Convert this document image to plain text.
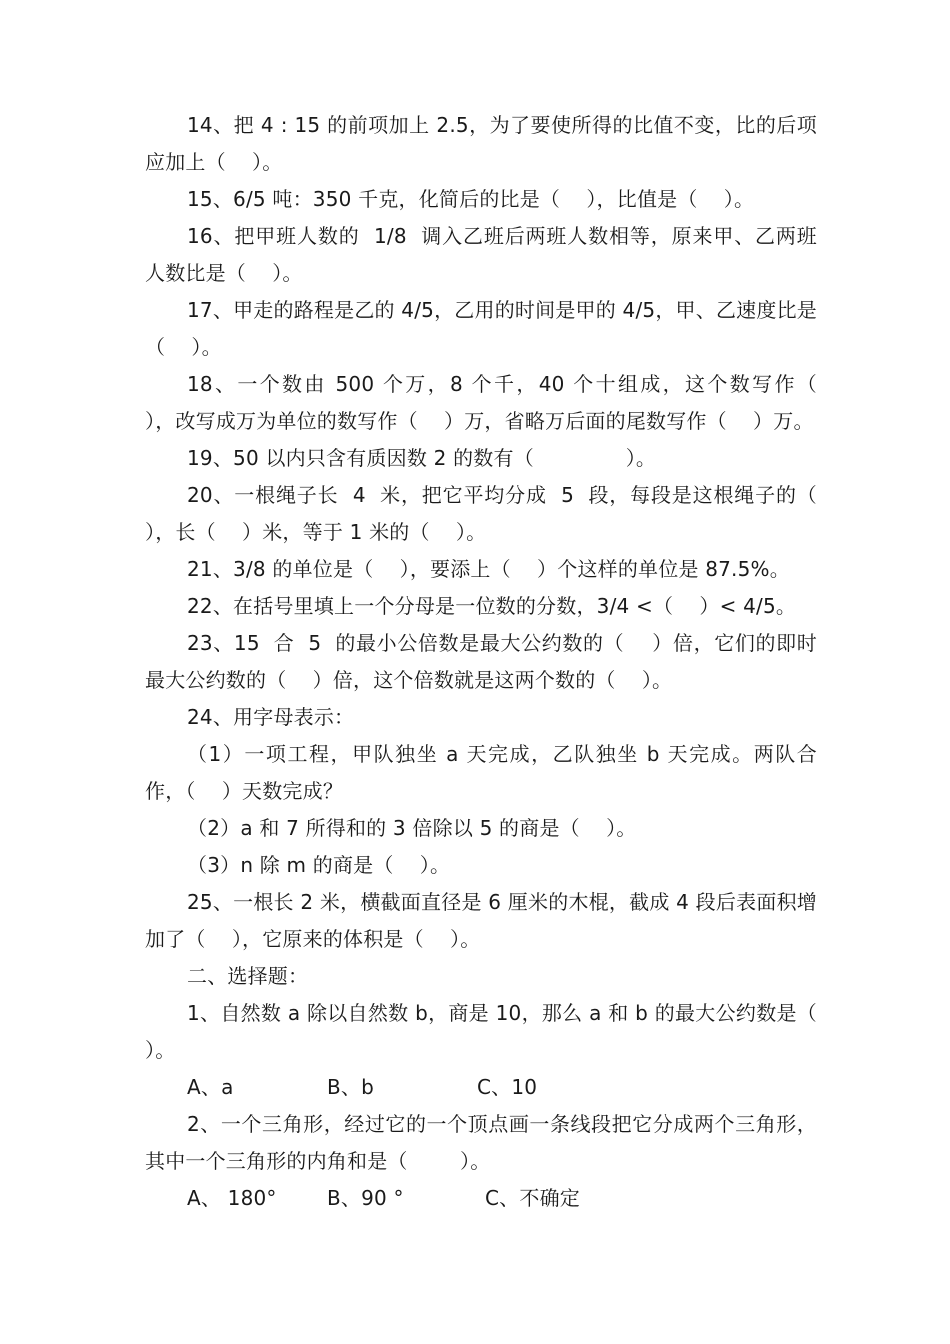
14、把 4 : 15 的前项加上 2.5，为了要使所得的比值不变，比的后项应加上（    ）。

15、6/5 吨：350 千克，化简后的比是（    ），比值是（    ）。

16、把甲班人数的  1/8  调入乙班后两班人数相等，原来甲、乙两班人数比是（    ）。

17、甲走的路程是乙的 4/5，乙用的时间是甲的 4/5，甲、乙速度比是（    ）。

18、一个数由 500 个万，8 个千，40 个十组成，这个数写作（    ），改写成万为单位的数写作（    ）万，省略万后面的尾数写作（    ）万。

19、50 以内只含有质因数 2 的数有（              ）。

20、一根绳子长  4  米，把它平均分成  5  段，每段是这根绳子的（    ），长（    ）米，等于 1 米的（    ）。

21、3/8 的单位是（    ），要添上（    ）个这样的单位是 87.5%。

22、在括号里填上一个分母是一位数的分数，3/4 <（    ）< 4/5。

23、15  合  5  的最小公倍数是最大公约数的（    ）倍，它们的即时最大公约数的（    ）倍，这个倍数就是这两个数的（    ）。

24、用字母表示：

（1）一项工程，甲队独坐 a 天完成，乙队独坐 b 天完成。两队合作，（    ）天数完成？

（2）a 和 7 所得和的 3 倍除以 5 的商是（    ）。

（3）n 除 m 的商是（    ）。

25、一根长 2 米，横截面直径是 6 厘米的木棍，截成 4 段后表面积增加了（    ），它原来的体积是（    ）。

二、选择题：

1、自然数 a 除以自然数 b，商是 10，那么 a 和 b 的最大公约数是（      ）。

A、a	B、b	C、10

2、一个三角形，经过它的一个顶点画一条线段把它分成两个三角形，其中一个三角形的内角和是（        ）。

A、 180°	B、90 °	C、不确定
